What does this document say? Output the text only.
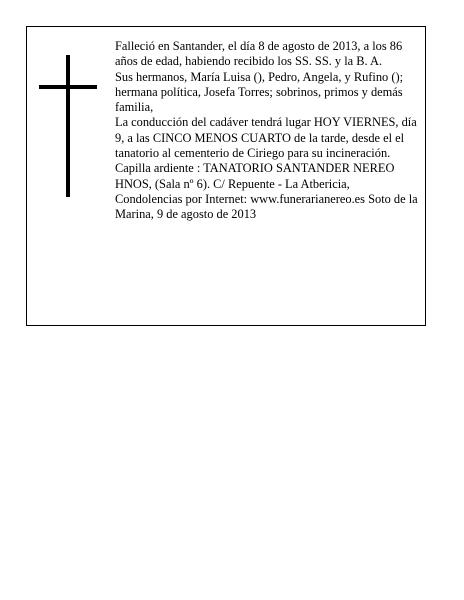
Falleció en Santander, el día 8 de agosto de 2013, a los 86 años de edad, habiendo recibido los SS. SS. y la B. A.

Sus hermanos, María Luisa (), Pedro, Angela, y Rufino (); hermana política, Josefa Torres; sobrinos, primos y demás familia,

La conducción del cadáver tendrá lugar HOY VIERNES, día 9, a las CINCO MENOS CUARTO de la tarde, desde el el tanatorio al cementerio de Ciriego para su incineración. Capilla ardiente : TANATORIO SANTANDER NEREO HNOS, (Sala nº 6). C/ Repuente - La Atbericia,

Condolencias por Internet: www.funerarianereo.es Soto de la Marina, 9 de agosto de 2013
